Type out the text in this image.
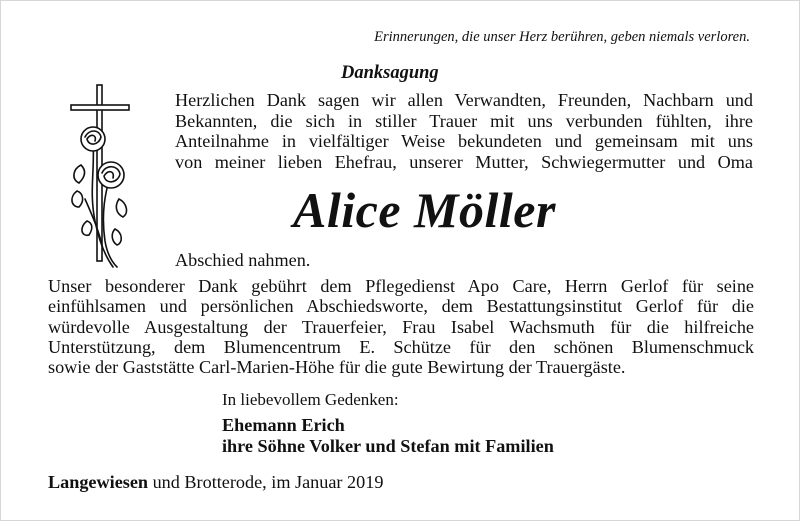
Erinnerungen, die unser Herz berühren, geben niemals verloren.

Danksagung

Herzlichen Dank sagen wir allen Verwandten, Freunden, Nachbarn und
Bekannten, die sich in stiller Trauer mit uns verbunden fühlten, ihre
Anteilnahme in vielfältiger Weise bekundeten und gemeinsam mit uns
von meiner lieben Ehefrau, unserer Mutter, Schwiegermutter und Oma

Alice Möller

Abschied nahmen.

Unser besonderer Dank gebührt dem Pflegedienst Apo Care, Herrn Gerlof für seine
einfühlsamen und persönlichen Abschiedsworte, dem Bestattungsinstitut Gerlof für die
würdevolle Ausgestaltung der Trauerfeier, Frau Isabel Wachsmuth für die hilfreiche
Unterstützung, dem Blumencentrum E. Schütze für den schönen Blumenschmuck
sowie der Gaststätte Carl-Marien-Höhe für die gute Bewirtung der Trauergäste.

In liebevollem Gedenken:

Ehemann Erich
ihre Söhne Volker und Stefan mit Familien

Langewiesen und Brotterode, im Januar 2019
